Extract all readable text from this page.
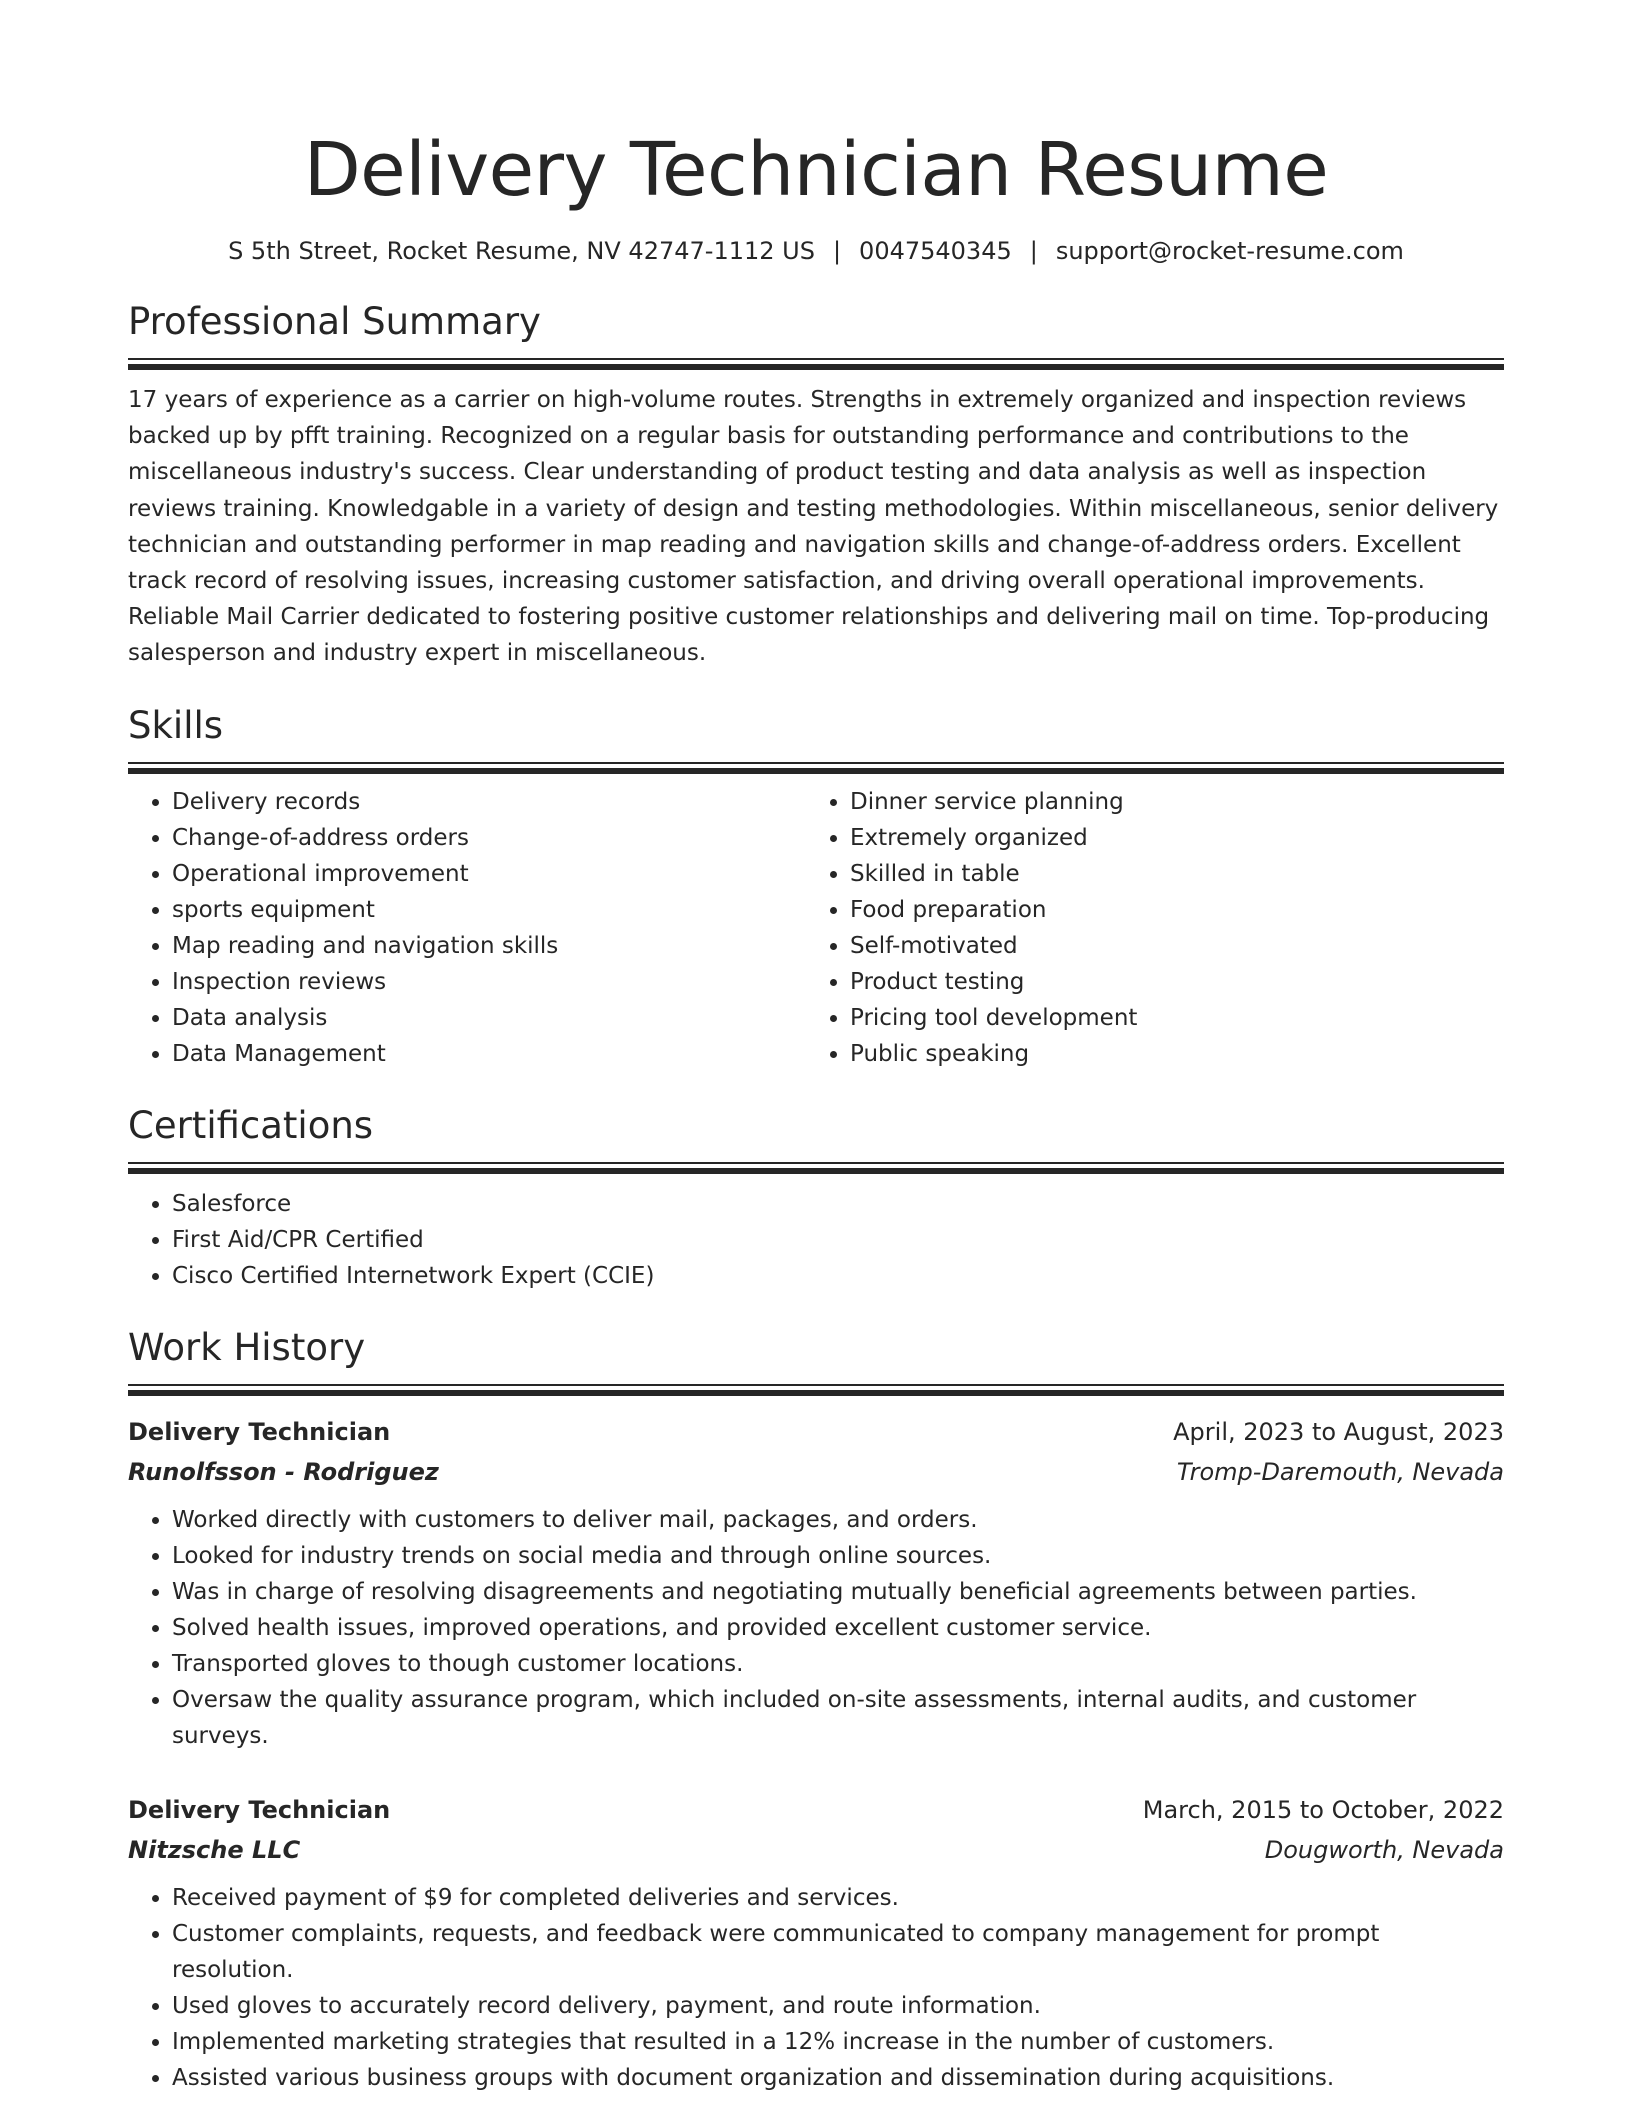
Delivery Technician Resume
S 5th Street, Rocket Resume, NV 42747-1112 US | 0047540345 | support@rocket-resume.com
Professional Summary

17 years of experience as a carrier on high-volume routes. Strengths in extremely organized and inspection reviews backed up by pfft training. Recognized on a regular basis for outstanding performance and contributions to the miscellaneous industry's success. Clear understanding of product testing and data analysis as well as inspection reviews training. Knowledgable in a variety of design and testing methodologies. Within miscellaneous, senior delivery technician and outstanding performer in map reading and navigation skills and change-of-address orders. Excellent track record of resolving issues, increasing customer satisfaction, and driving overall operational improvements. Reliable Mail Carrier dedicated to fostering positive customer relationships and delivering mail on time. Top-producing salesperson and industry expert in miscellaneous.

Skills
• Delivery records
• Change-of-address orders
• Operational improvement
• sports equipment
• Map reading and navigation skills
• Inspection reviews
• Data analysis
• Data Management
• Dinner service planning
• Extremely organized
• Skilled in table
• Food preparation
• Self-motivated
• Product testing
• Pricing tool development
• Public speaking
Certifications
• Salesforce
• First Aid/CPR Certified
• Cisco Certified Internetwork Expert (CCIE)
Work History
Delivery Technician	April, 2023 to August, 2023
Runolfsson - Rodriguez	Tromp-Daremouth, Nevada
• Worked directly with customers to deliver mail, packages, and orders.
• Looked for industry trends on social media and through online sources.
• Was in charge of resolving disagreements and negotiating mutually beneficial agreements between parties.
• Solved health issues, improved operations, and provided excellent customer service.
• Transported gloves to though customer locations.
• Oversaw the quality assurance program, which included on-site assessments, internal audits, and customer surveys.
Delivery Technician	March, 2015 to October, 2022
Nitzsche LLC	Dougworth, Nevada
• Received payment of $9 for completed deliveries and services.
• Customer complaints, requests, and feedback were communicated to company management for prompt resolution.
• Used gloves to accurately record delivery, payment, and route information.
• Implemented marketing strategies that resulted in a 12% increase in the number of customers.
• Assisted various business groups with document organization and dissemination during acquisitions.
